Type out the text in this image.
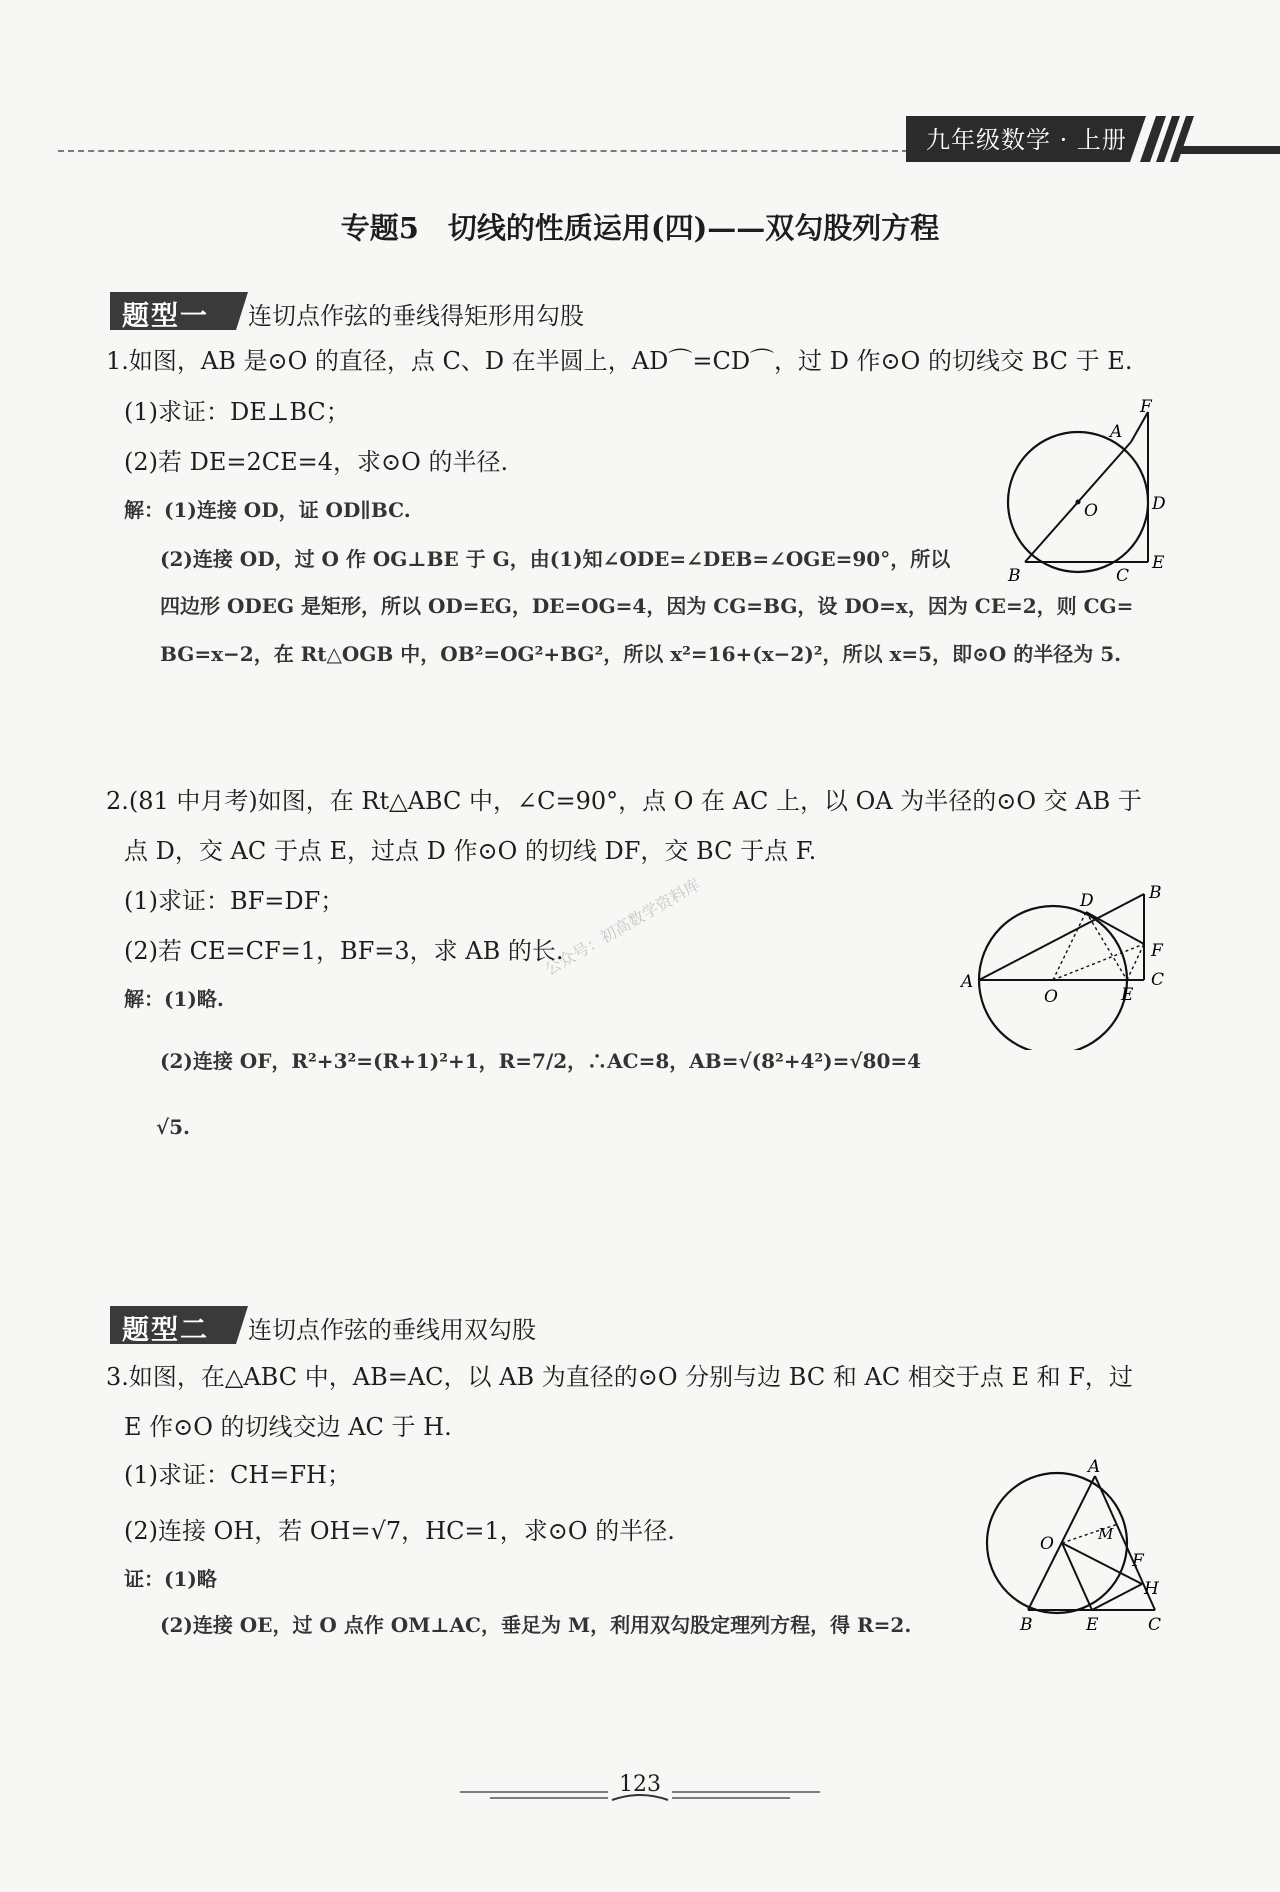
九年级数学 · 上册
专题5　切线的性质运用(四)——双勾股列方程
题型一 连切点作弦的垂线得矩形用勾股
1.如图，AB 是⊙O 的直径，点 C、D 在半圆上，AD⌒=CD⌒，过 D 作⊙O 的切线交 BC 于 E.
(1)求证：DE⊥BC；
(2)若 DE=2CE=4，求⊙O 的半径.
解：(1)连接 OD，证 OD∥BC.
(2)连接 OD，过 O 作 OG⊥BE 于 G，由(1)知∠ODE=∠DEB=∠OGE=90°，所以
四边形 ODEG 是矩形，所以 OD=EG，DE=OG=4，因为 CG=BG，设 DO=x，因为 CE=2，则 CG=
BG=x−2，在 Rt△OGB 中，OB²=OG²+BG²，所以 x²=16+(x−2)²，所以 x=5，即⊙O 的半径为 5.
F
A
O	D
B	C
E
2.(81 中月考)如图，在 Rt△ABC 中，∠C=90°，点 O 在 AC 上，以 OA 为半径的⊙O 交 AB 于
点 D，交 AC 于点 E，过点 D 作⊙O 的切线 DF，交 BC 于点 F.
(1)求证：BF=DF；
(2)若 CE=CF=1，BF=3，求 AB 的长.
解：(1)略.
(2)连接 OF，R²+3²=(R+1)²+1，R=7/2，∴AC=8，AB=√(8²+4²)=√80=4
√5.
公众号：初高数学资料库
A
D	B
F
C
O	E
题型二 连切点作弦的垂线用双勾股
3.如图，在△ABC 中，AB=AC，以 AB 为直径的⊙O 分别与边 BC 和 AC 相交于点 E 和 F，过
E 作⊙O 的切线交边 AC 于 H.
(1)求证：CH=FH；
(2)连接 OH，若 OH=√7，HC=1，求⊙O 的半径.
证：(1)略
(2)连接 OE，过 O 点作 OM⊥AC，垂足为 M，利用双勾股定理列方程，得 R=2.
A
O	M
F
H
B	E	C
123
